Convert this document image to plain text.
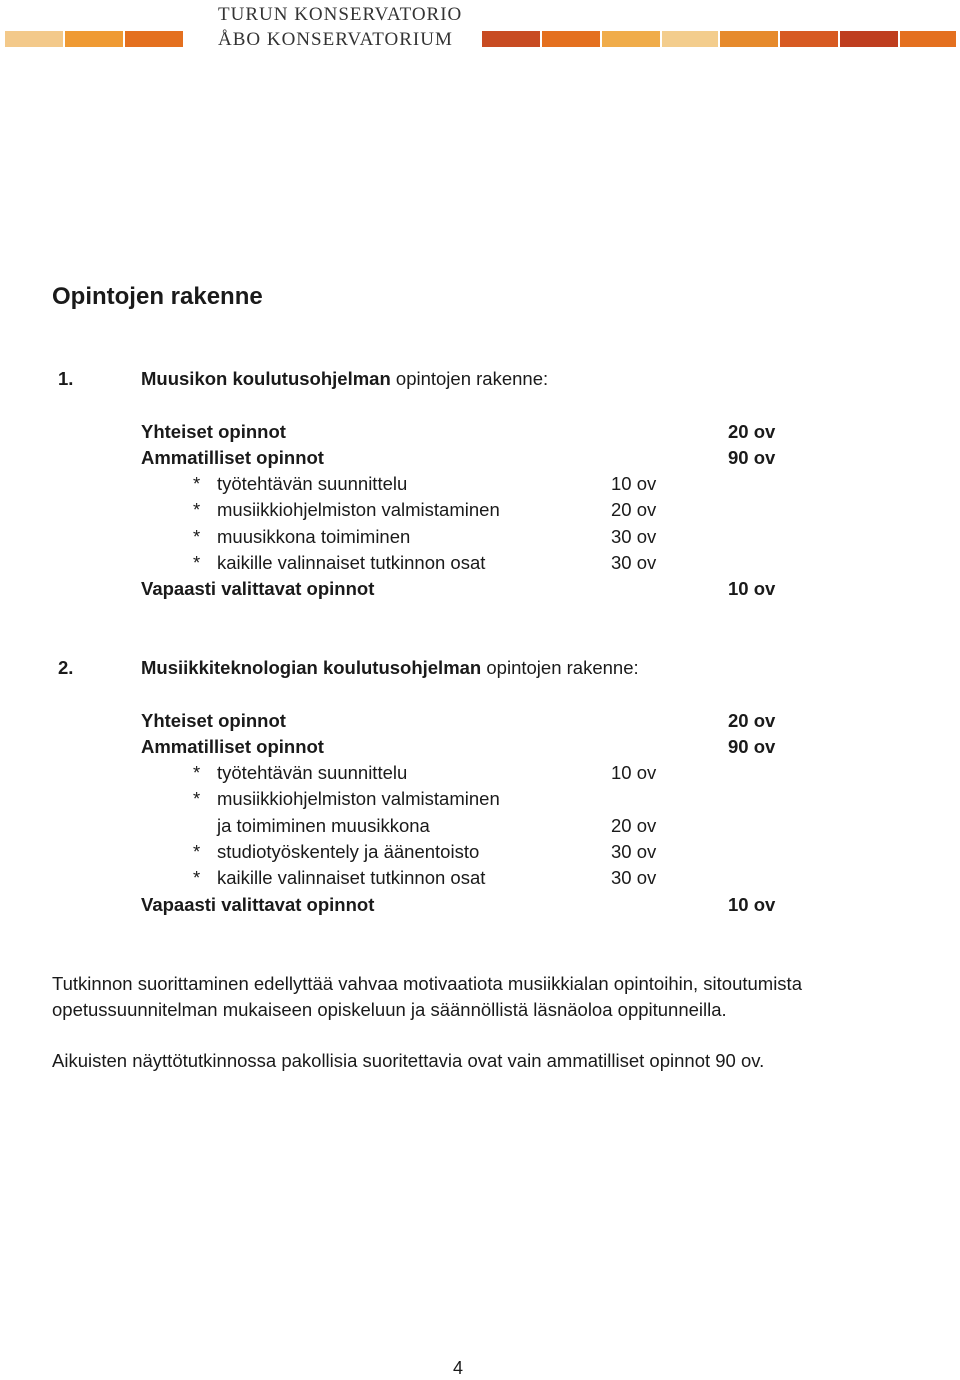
TURUN KONSERVATORIO
ÅBO KONSERVATORIUM
Opintojen rakenne
1.	Muusikon koulutusohjelman opintojen rakenne:
Yhteiset opinnot	20 ov
Ammatilliset opinnot	90 ov
* työtehtävän suunnittelu	10 ov
* musiikkiohjelmiston valmistaminen	20 ov
* muusikkona toimiminen	30 ov
* kaikille valinnaiset tutkinnon osat	30 ov
Vapaasti valittavat opinnot	10 ov
2.	Musiikkiteknologian koulutusohjelman opintojen rakenne:
Yhteiset opinnot	20 ov
Ammatilliset opinnot	90 ov
* työtehtävän suunnittelu	10 ov
* musiikkiohjelmiston valmistaminen
ja toimiminen muusikkona	20 ov
* studiotyöskentely ja äänentoisto	30 ov
* kaikille valinnaiset tutkinnon osat	30 ov
Vapaasti valittavat opinnot	10 ov
Tutkinnon suorittaminen edellyttää vahvaa motivaatiota musiikkialan opintoihin, sitoutumista opetussuunnitelman mukaiseen opiskeluun ja säännöllistä läsnäoloa oppitunneilla.
Aikuisten näyttötutkinnossa pakollisia suoritettavia ovat vain ammatilliset opinnot 90 ov.
4
